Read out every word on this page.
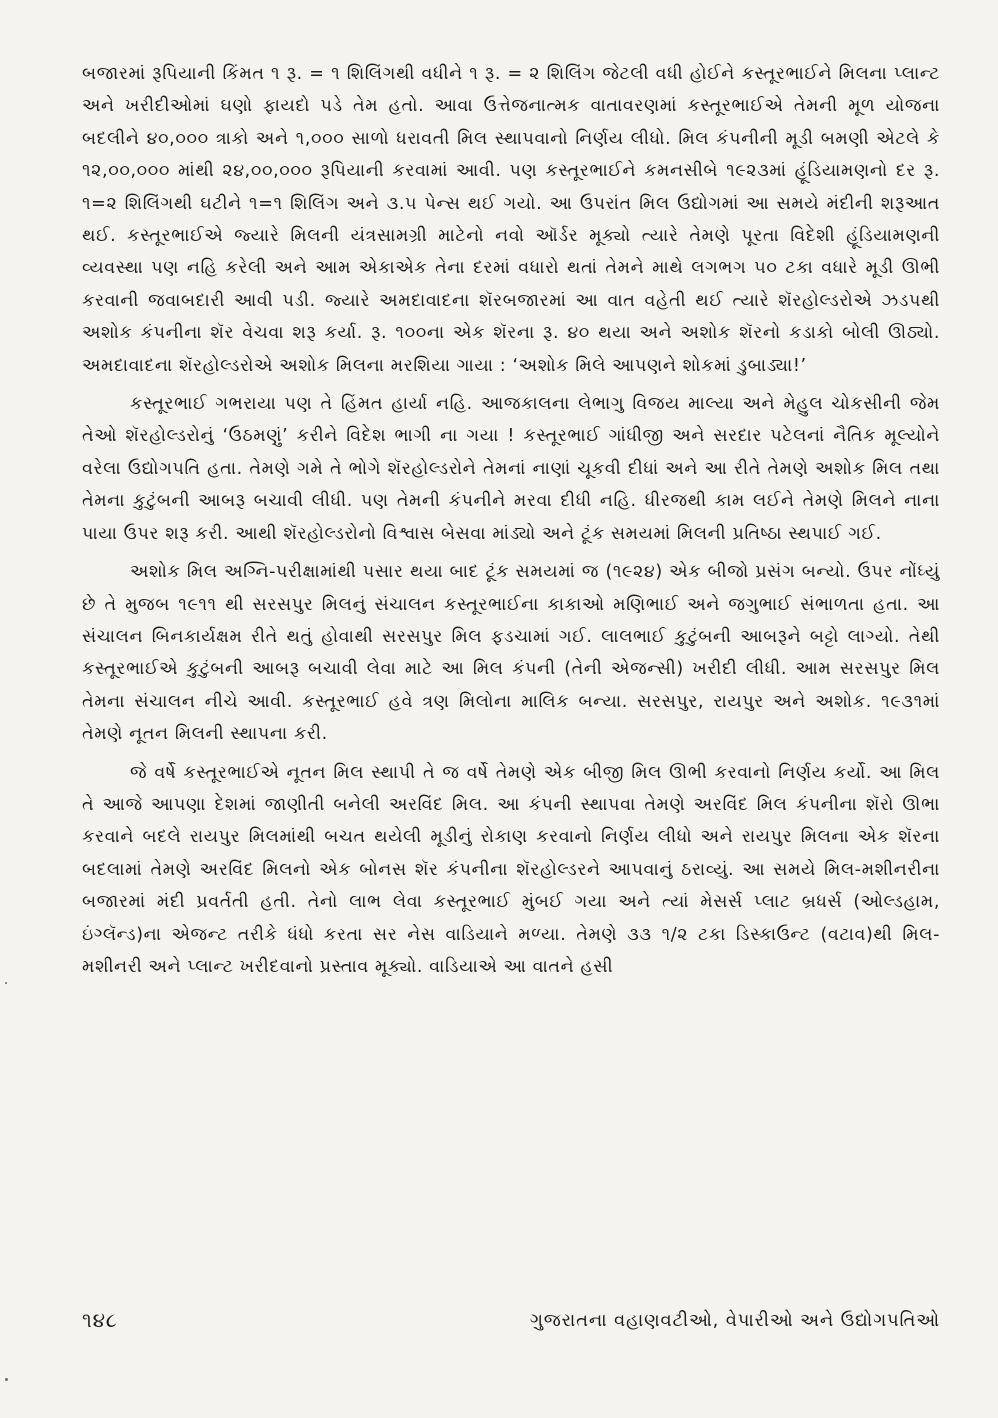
બજારમાં રૂપિયાની કિંમત ૧ રૂ. = ૧ શિલિંગથી વધીને ૧ રૂ. = ૨ શિલિંગ જેટલી વધી હોઈને કસ્તૂરભાઈને મિલના પ્લાન્ટ અને ખરીદીઓમાં ઘણો ફાયદો પડે તેમ હતો. આવા ઉત્તેજનાત્મક વાતાવરણમાં કસ્તૂરભાઈએ તેમની મૂળ યોજના બદલીને ૪૦,૦૦૦ ત્રાકો અને ૧,૦૦૦ સાળો ધરાવતી મિલ સ્થાપવાનો નિર્ણય લીધો. મિલ કંપનીની મૂડી બમણી એટલે કે ૧૨,૦૦,૦૦૦ માંથી ૨૪,૦૦,૦૦૦ રૂપિયાની કરવામાં આવી. પણ કસ્તૂરભાઈને કમનસીબે ૧૯૨૩માં હૂંડિયામણનો દર રૂ. ૧=૨ શિલિંગથી ઘટીને ૧=૧ શિલિંગ અને ૩.૫ પેન્સ થઈ ગયો. આ ઉપરાંત મિલ ઉદ્યોગમાં આ સમયે મંદીની શરૂઆત થઈ. કસ્તૂરભાઈએ જ્યારે મિલની યંત્રસામગ્રી માટેનો નવો ઑર્ડર મૂક્યો ત્યારે તેમણે પૂરતા વિદેશી હૂંડિયામણની વ્યવસ્થા પણ નહિ કરેલી અને આમ એકાએક તેના દરમાં વધારો થતાં તેમને માથે લગભગ ૫૦ ટકા વધારે મૂડી ઊભી કરવાની જવાબદારી આવી પડી. જ્યારે અમદાવાદના શૅરબજારમાં આ વાત વહેતી થઈ ત્યારે શૅરહોલ્ડરોએ ઝડપથી અશોક કંપનીના શૅર વેચવા શરૂ કર્યા. રૂ. ૧૦૦ના એક શૅરના રૂ. ૪૦ થયા અને અશોક શૅરનો કડાકો બોલી ઊઠ્યો. અમદાવાદના શૅરહોલ્ડરોએ અશોક મિલના મરશિયા ગાયા : ‘અશોક મિલે આપણને શોકમાં ડુબાડ્યા!’

કસ્તૂરભાઈ ગભરાયા પણ તે હિંમત હાર્યા નહિ. આજકાલના લેભાગુ વિજય માલ્યા અને મેહુલ ચોકસીની જેમ તેઓ શૅરહોલ્ડરોનું ‘ઉઠમણું’ કરીને વિદેશ ભાગી ના ગયા ! કસ્તૂરભાઈ ગાંધીજી અને સરદાર પટેલનાં નૈતિક મૂલ્યોને વરેલા ઉદ્યોગપતિ હતા. તેમણે ગમે તે ભોગે શૅરહોલ્ડરોને તેમનાં નાણાં ચૂકવી દીધાં અને આ રીતે તેમણે અશોક મિલ તથા તેમના કુટુંબની આબરૂ બચાવી લીધી. પણ તેમની કંપનીને મરવા દીધી નહિ. ધીરજથી કામ લઈને તેમણે મિલને નાના પાયા ઉપર શરૂ કરી. આથી શૅરહોલ્ડરોનો વિશ્વાસ બેસવા માંડ્યો અને ટૂંક સમયમાં મિલની પ્રતિષ્ઠા સ્થપાઈ ગઈ.

અશોક મિલ અગ્નિ-પરીક્ષામાંથી પસાર થયા બાદ ટૂંક સમયમાં જ (૧૯૨૪) એક બીજો પ્રસંગ બન્યો. ઉપર નોંધ્યું છે તે મુજબ ૧૯૧૧ થી સરસપુર મિલનું સંચાલન કસ્તૂરભાઈના કાકાઓ મણિભાઈ અને જગુભાઈ સંભાળતા હતા. આ સંચાલન બિનકાર્યક્ષમ રીતે થતું હોવાથી સરસપુર મિલ ફડચામાં ગઈ. લાલભાઈ કુટુંબની આબરૂને બટ્ટો લાગ્યો. તેથી કસ્તૂરભાઈએ કુટુંબની આબરૂ બચાવી લેવા માટે આ મિલ કંપની (તેની એજન્સી) ખરીદી લીધી. આમ સરસપુર મિલ તેમના સંચાલન નીચે આવી. કસ્તૂરભાઈ હવે ત્રણ મિલોના માલિક બન્યા. સરસપુર, રાયપુર અને અશોક. ૧૯૩૧માં તેમણે નૂતન મિલની સ્થાપના કરી.

જે વર્ષે કસ્તૂરભાઈએ નૂતન મિલ સ્થાપી તે જ વર્ષે તેમણે એક બીજી મિલ ઊભી કરવાનો નિર્ણય કર્યો. આ મિલ તે આજે આપણા દેશમાં જાણીતી બનેલી અરવિંદ મિલ. આ કંપની સ્થાપવા તેમણે અરવિંદ મિલ કંપનીના શૅરો ઊભા કરવાને બદલે રાયપુર મિલમાંથી બચત થયેલી મૂડીનું રોકાણ કરવાનો નિર્ણય લીધો અને રાયપુર મિલના એક શૅરના બદલામાં તેમણે અરવિંદ મિલનો એક બોનસ શૅર કંપનીના શૅરહોલ્ડરને આપવાનું ઠરાવ્યું. આ સમયે મિલ-મશીનરીના બજારમાં મંદી પ્રવર્તતી હતી. તેનો લાભ લેવા કસ્તૂરભાઈ મુંબઈ ગયા અને ત્યાં મેસર્સ પ્લાટ બ્રધર્સ (ઓલ્ડહામ, ઇંગ્લૅન્ડ)ના એજન્ટ તરીકે ધંધો કરતા સર નેસ વાડિયાને મળ્યા. તેમણે ૩૩ ૧/૨ ટકા ડિસ્કાઉન્ટ (વટાવ)થી મિલ-મશીનરી અને પ્લાન્ટ ખરીદવાનો પ્રસ્તાવ મૂક્યો. વાડિયાએ આ વાતને હસી

૧૪૮	ગુજરાતના વહાણવટીઓ, વેપારીઓ અને ઉદ્યોગપતિઓ
